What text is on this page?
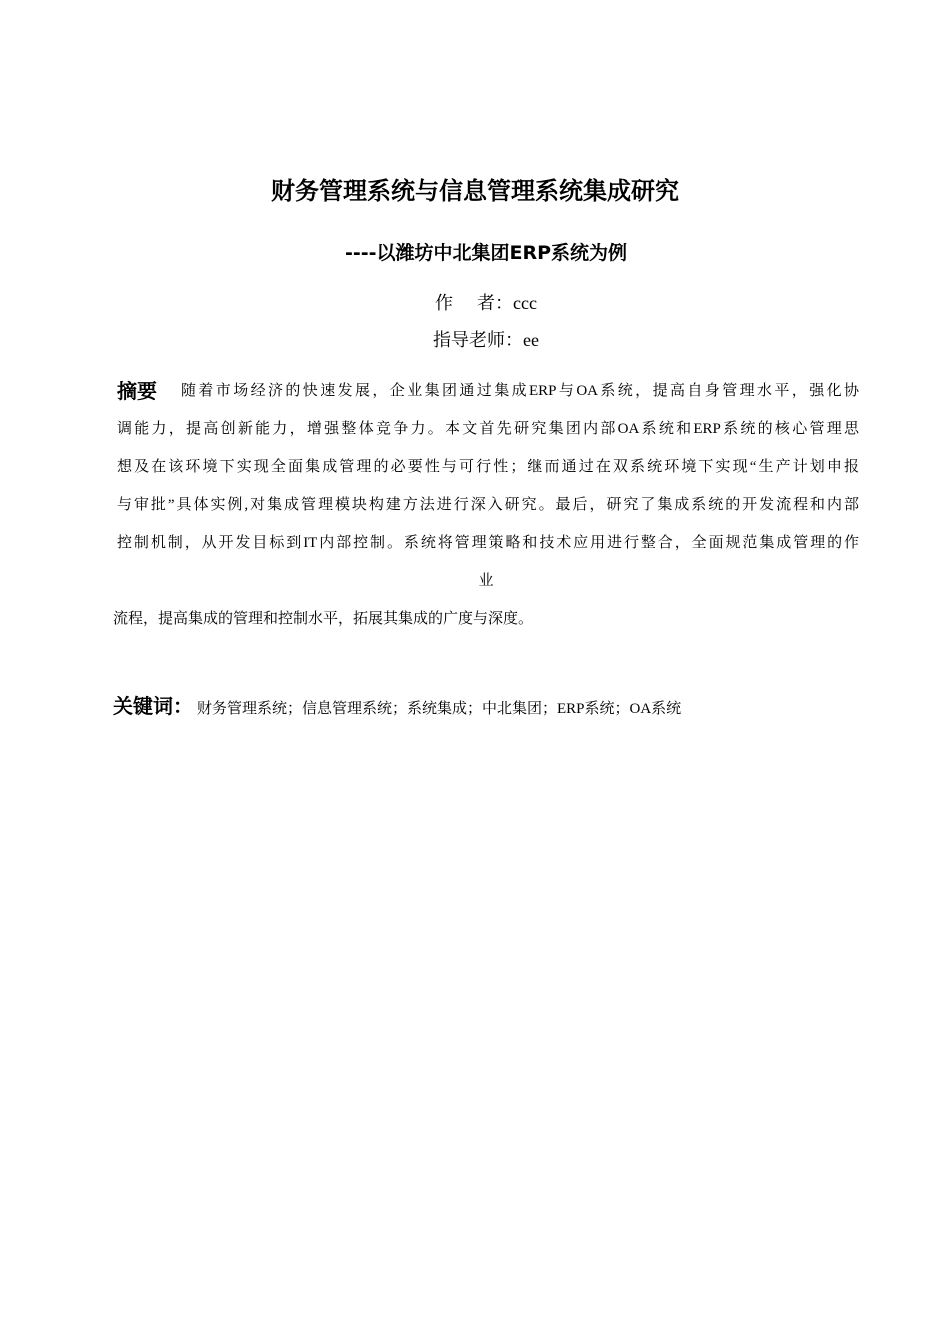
财务管理系统与信息管理系统集成研究
----以潍坊中北集团ERP系统为例

作 者：ccc

指导老师：ee

摘要	随着市场经济的快速发展，企业集团通过集成ERP与OA系统，提高自身管理水平，强化协

调能力，提高创新能力，增强整体竞争力。本文首先研究集团内部OA系统和ERP系统的核心管理思

想及在该环境下实现全面集成管理的必要性与可行性；继而通过在双系统环境下实现“生产计划申报

与审批”具体实例,对集成管理模块构建方法进行深入研究。最后，研究了集成系统的开发流程和内部

控制机制，从开发目标到IT内部控制。系统将管理策略和技术应用进行整合，全面规范集成管理的作

业

流程，提高集成的管理和控制水平，拓展其集成的广度与深度。

关键词： 财务管理系统；信息管理系统；系统集成；中北集团；ERP系统；OA系统
